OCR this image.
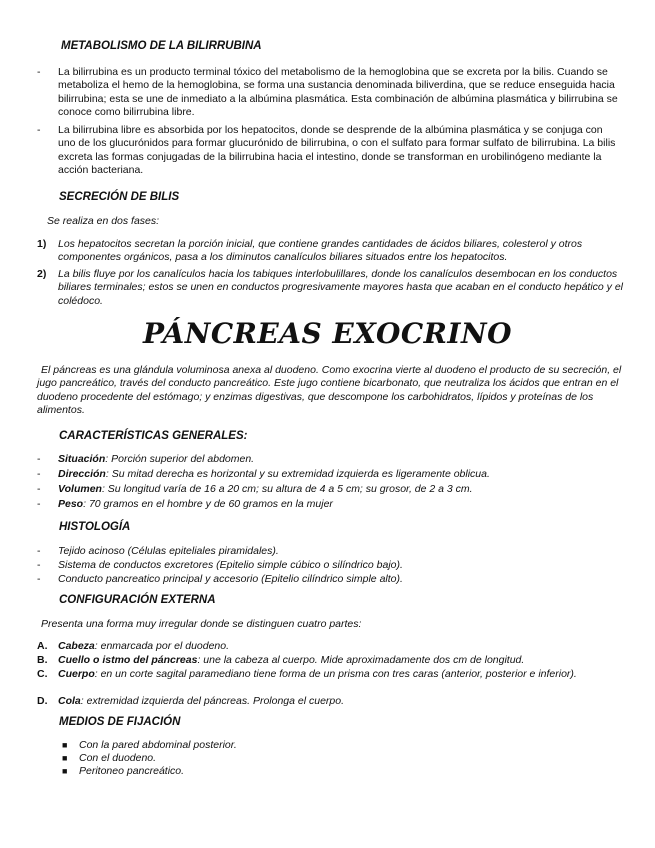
METABOLISMO DE LA BILIRRUBINA
- La bilirrubina es un producto terminal tóxico del metabolismo de la hemoglobina que se excreta por la bilis. Cuando se metaboliza el hemo de la hemoglobina, se forma una sustancia denominada biliverdina, que se reduce enseguida hacia bilirrubina; esta se une de inmediato a la albúmina plasmática. Esta combinación de albúmina plasmática y bilirrubina se conoce como bilirrubina libre.
- La bilirrubina libre es absorbida por los hepatocitos, donde se desprende de la albúmina plasmática y se conjuga con uno de los glucurónidos para formar glucurónido de bilirrubina, o con el sulfato para formar sulfato de bilirrubina. La bilis excreta las formas conjugadas de la bilirrubina hacia el intestino, donde se transforman en urobilinógeno mediante la acción bacteriana.
SECRECIÓN DE BILIS
Se realiza en dos fases:
1) Los hepatocitos secretan la porción inicial, que contiene grandes cantidades de ácidos biliares, colesterol y otros componentes orgánicos, pasa a los diminutos canalículos biliares situados entre los hepatocitos.
2) La bilis fluye por los canalículos hacia los tabiques interlobulillares, donde los canalículos desembocan en los conductos biliares terminales; estos se unen en conductos progresivamente mayores hasta que acaban en el conducto hepático y el colédoco.
PÁNCREAS EXOCRINO
El páncreas es una glándula voluminosa anexa al duodeno. Como exocrina vierte al duodeno el producto de su secreción, el jugo pancreático, través del conducto pancreático. Este jugo contiene bicarbonato, que neutraliza los ácidos que entran en el duodeno procedente del estómago; y enzimas digestivas, que descompone los carbohidratos, lípidos y proteínas de los alimentos.
CARACTERÍSTICAS GENERALES:
- Situación: Porción superior del abdomen.
- Dirección: Su mitad derecha es horizontal y su extremidad izquierda es ligeramente oblicua.
- Volumen: Su longitud varía de 16 a 20 cm; su altura de 4 a 5 cm; su grosor, de 2 a 3 cm.
- Peso: 70 gramos en el hombre y de 60 gramos en la mujer
HISTOLOGÍA
- Tejido acinoso (Células epiteliales piramidales).
- Sistema de conductos excretores (Epitelio simple cúbico o silíndrico bajo).
- Conducto pancreatico principal y accesorio (Epitelio cilíndrico simple alto).
CONFIGURACIÓN EXTERNA
Presenta una forma muy irregular donde se distinguen cuatro partes:
A. Cabeza: enmarcada por el duodeno.
B. Cuello o istmo del páncreas: une la cabeza al cuerpo. Mide aproximadamente dos cm de longitud.
C. Cuerpo: en un corte sagital paramediano tiene forma de un prisma con tres caras (anterior, posterior e inferior).
D. Cola: extremidad izquierda del páncreas. Prolonga el cuerpo.
MEDIOS DE FIJACIÓN
■ Con la pared abdominal posterior.
■ Con el duodeno.
■ Peritoneo pancreático.
